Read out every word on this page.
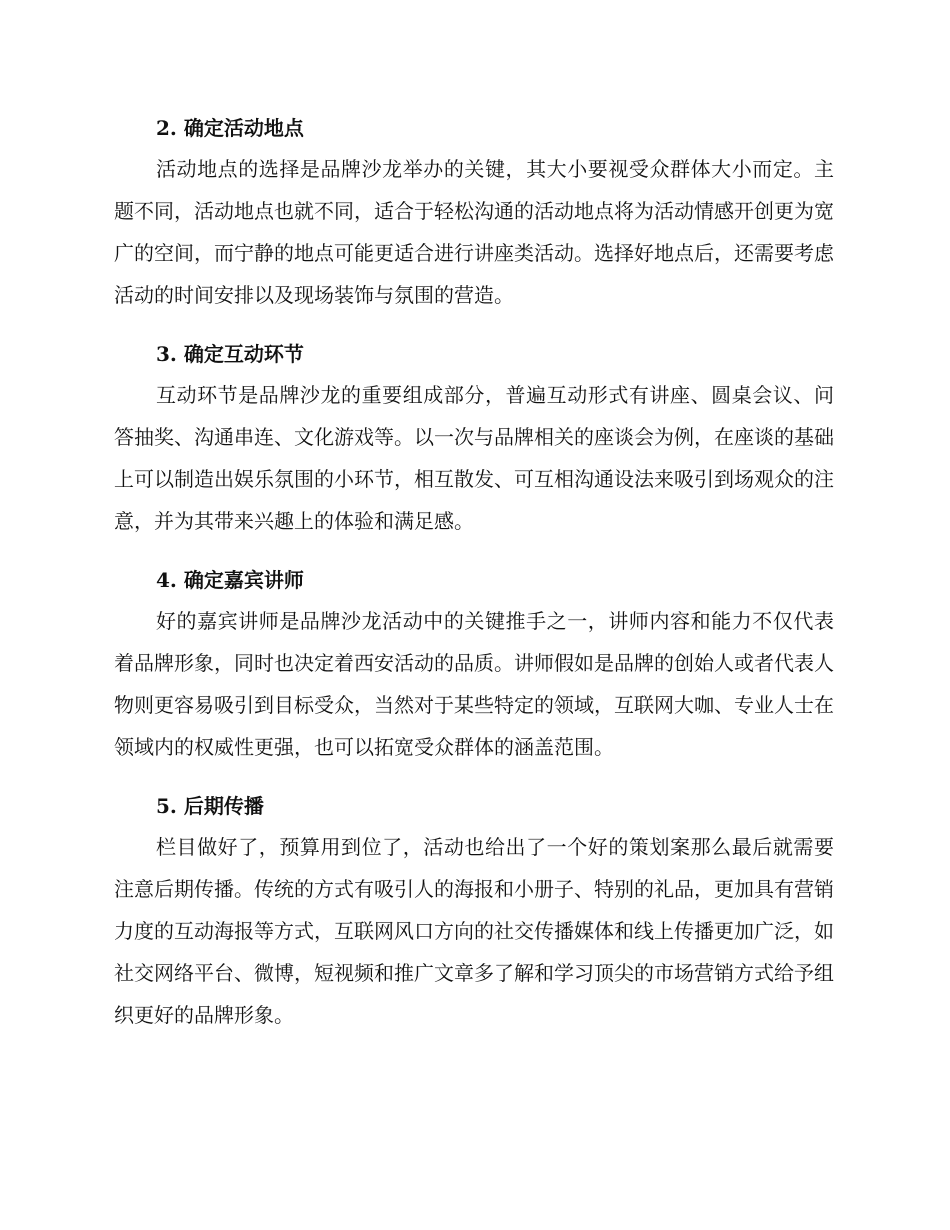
2. 确定活动地点

活动地点的选择是品牌沙龙举办的关键，其大小要视受众群体大小而定。主题不同，活动地点也就不同，适合于轻松沟通的活动地点将为活动情感开创更为宽广的空间，而宁静的地点可能更适合进行讲座类活动。选择好地点后，还需要考虑活动的时间安排以及现场装饰与氛围的营造。

3. 确定互动环节

互动环节是品牌沙龙的重要组成部分，普遍互动形式有讲座、圆桌会议、问答抽奖、沟通串连、文化游戏等。以一次与品牌相关的座谈会为例，在座谈的基础上可以制造出娱乐氛围的小环节，相互散发、可互相沟通设法来吸引到场观众的注意，并为其带来兴趣上的体验和满足感。

4. 确定嘉宾讲师

好的嘉宾讲师是品牌沙龙活动中的关键推手之一，讲师内容和能力不仅代表着品牌形象，同时也决定着西安活动的品质。讲师假如是品牌的创始人或者代表人物则更容易吸引到目标受众，当然对于某些特定的领域，互联网大咖、专业人士在领域内的权威性更强，也可以拓宽受众群体的涵盖范围。

5. 后期传播

栏目做好了，预算用到位了，活动也给出了一个好的策划案那么最后就需要注意后期传播。传统的方式有吸引人的海报和小册子、特别的礼品，更加具有营销力度的互动海报等方式，互联网风口方向的社交传播媒体和线上传播更加广泛，如社交网络平台、微博，短视频和推广文章多了解和学习顶尖的市场营销方式给予组织更好的品牌形象。
